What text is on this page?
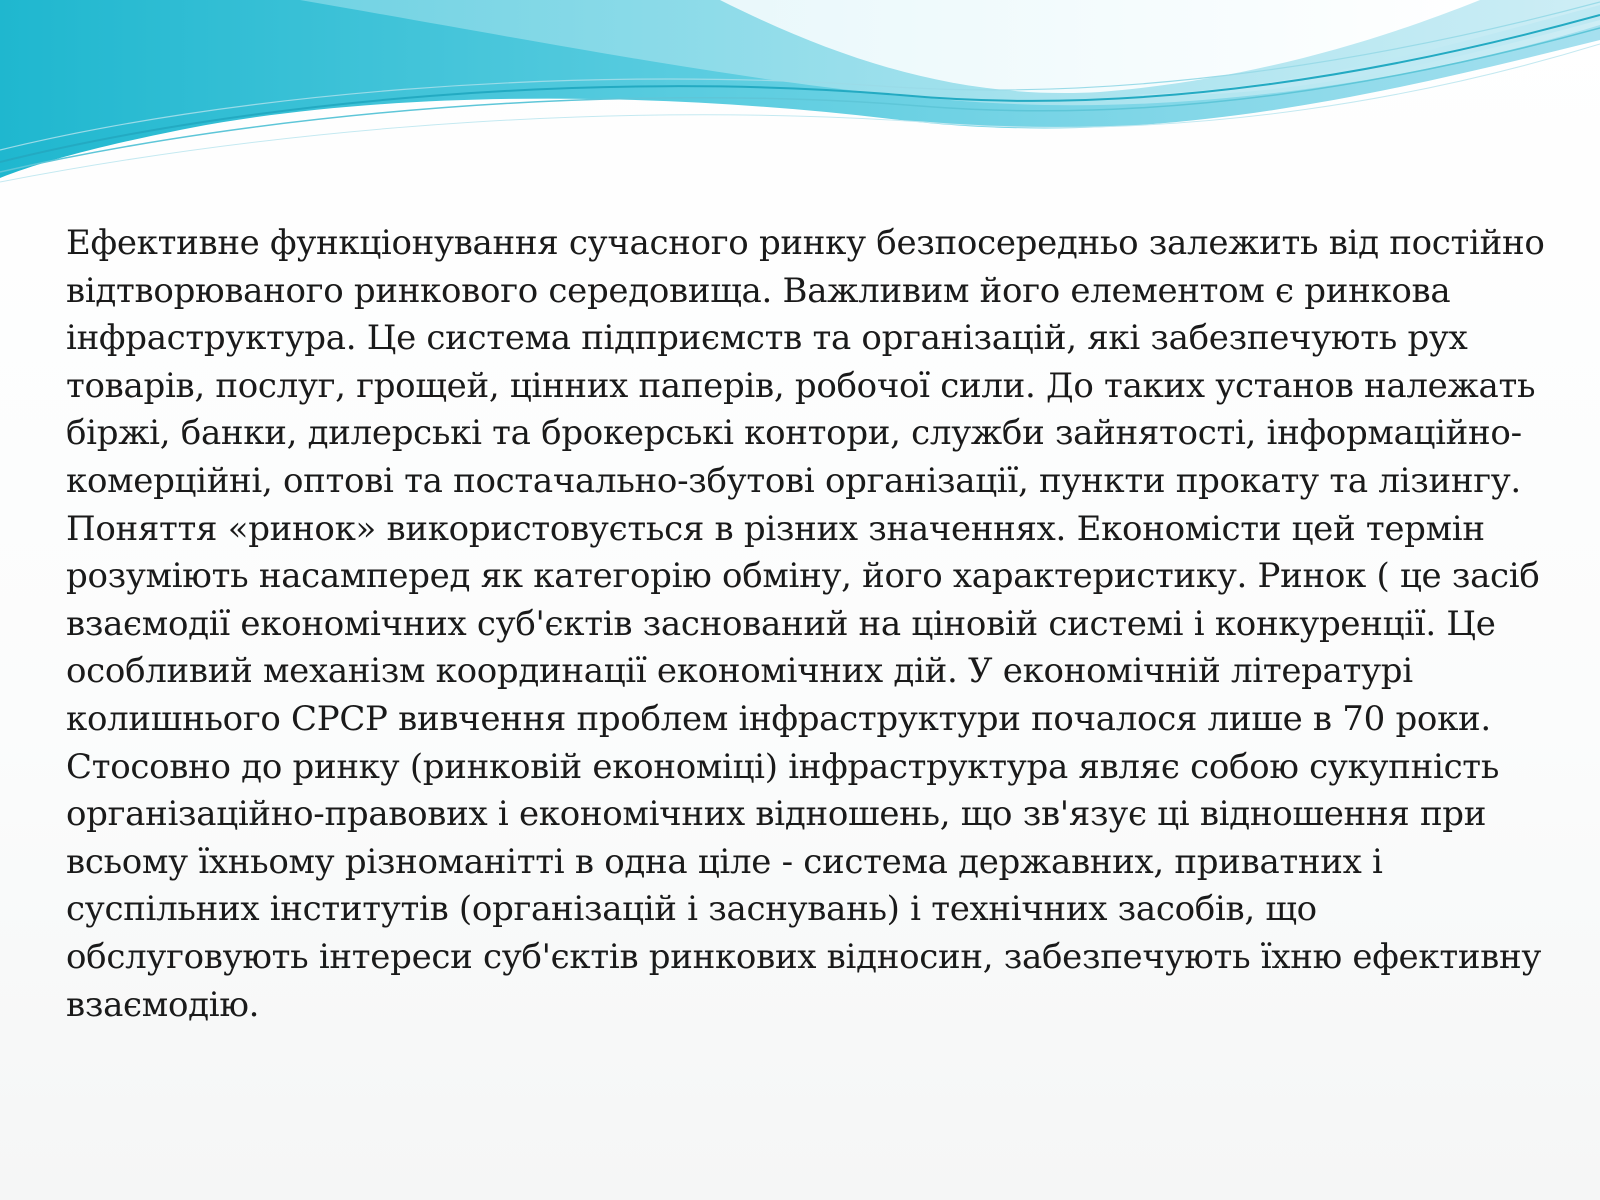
Ефективне функціонування сучасного ринку безпосередньо залежить від постійно
відтворюваного ринкового середовища. Важливим його елементом є ринкова
інфраструктура. Це система підприємств та організацій, які забезпечують рух
товарів, послуг, грощей, цінних паперів, робочої сили. До таких установ належать
біржі, банки, дилерські та брокерські контори, служби зайнятості, інформаційно-
комерційні, оптові та постачально-збутові організації, пункти прокату та лізингу.
Поняття «ринок» використовується в різних значеннях. Економісти цей термін
розуміють насамперед як категорію обміну, його характеристику. Ринок ( це засіб
взаємодії економічних суб'єктів заснований на ціновій системі і конкуренції. Це
особливий механізм координації економічних дій. У економічній літературі
колишнього СРСР вивчення проблем інфраструктури почалося лише в 70 роки.
Стосовно до ринку (ринковій економіці) інфраструктура являє собою сукупність
організаційно-правових і економічних відношень, що зв'язує ці відношення при
всьому їхньому різноманітті в одна ціле - система державних, приватних і
суспільних інститутів (організацій і заснувань) і технічних засобів, що
обслуговують інтереси суб'єктів ринкових відносин, забезпечують їхню ефективну
взаємодію.
